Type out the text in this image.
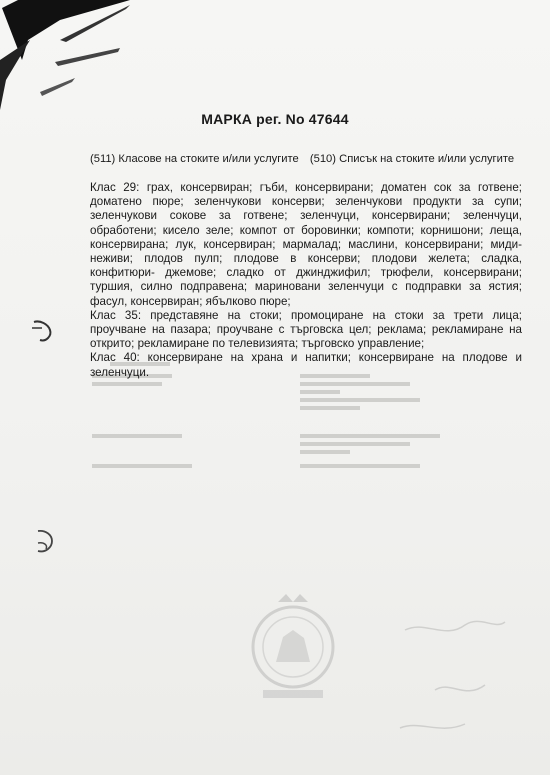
МАРКА рег. No 47644
(511) Класове на стоките и/или услугите (510) Списък на стоките и/или услугите

Клас 29: грах, консервиран; гъби, консервирани; доматен сок за готвене; доматено пюре; зеленчукови консерви; зеленчукови продукти за супи; зеленчукови сокове за готвене; зеленчуци, консервирани; зеленчуци, обработени; кисело зеле; компот от боровинки; компоти; корнишони; леща, консервирана; лук, консервиран; мармалад; маслини, консервирани; миди- неживи; плодов пулп; плодове в консерви; плодови желета; сладка, конфитюри- джемове; сладко от джинджифил; трюфели, консервирани; туршия, силно подправена; маринoвани зеленчуци с подправки за ястия; фасул, консервиран; ябълково пюре;

Клас 35: представяне на стоки; промоциране на стоки за трети лица; проучване на пазара; проучване с търговска цел; реклама; рекламиране на открито; рекламиране по телевизията; търговско управление;

Клас 40: консервиране на храна и напитки; консервиране на плодове и зеленчуци.
